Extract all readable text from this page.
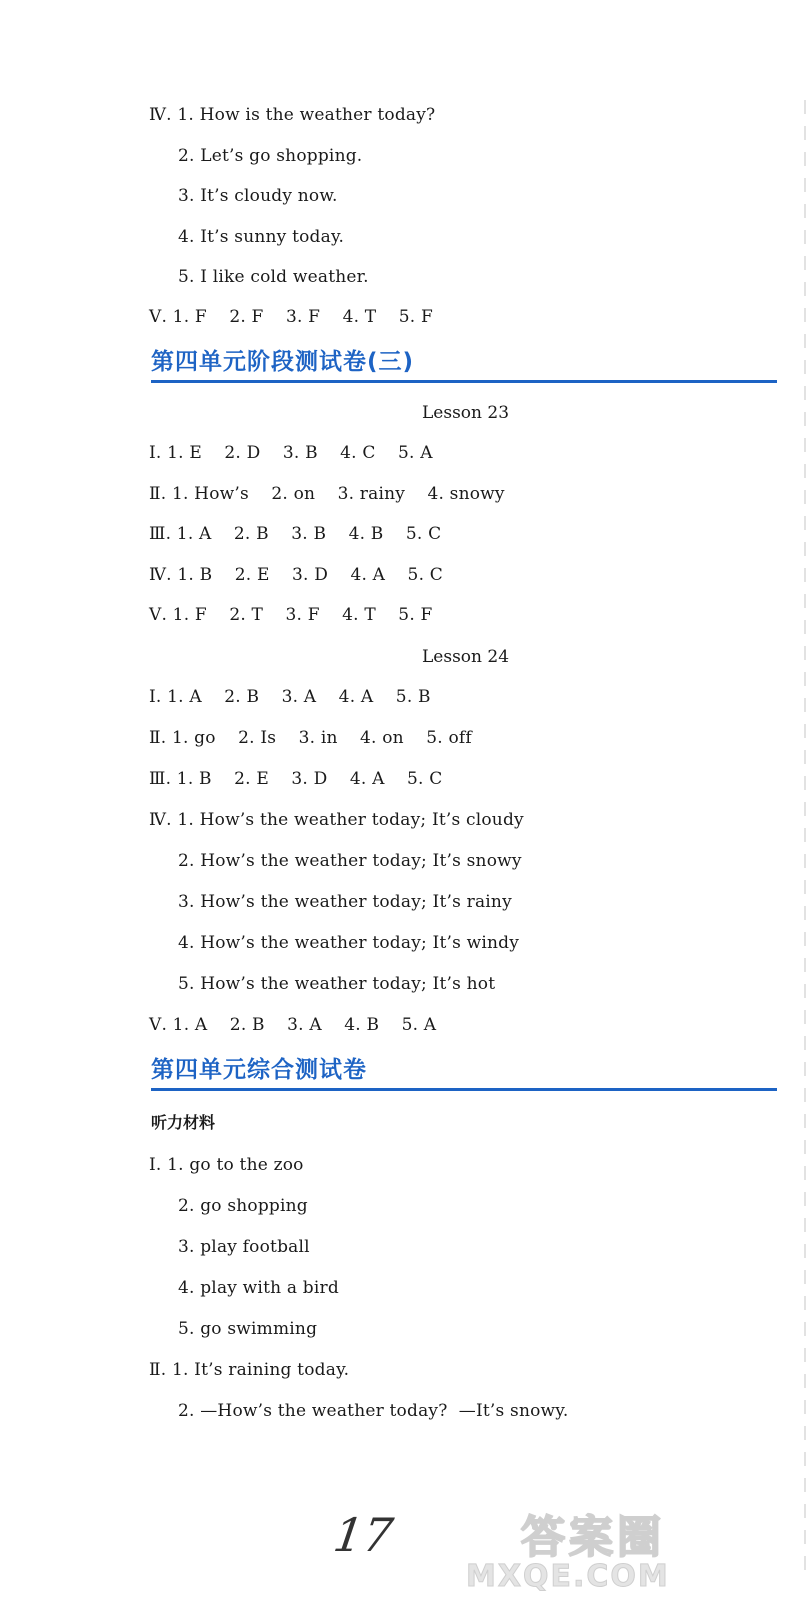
Ⅳ. 1. How is the weather today?
2. Let’s go shopping.
3. It’s cloudy now.
4. It’s sunny today.
5. I like cold weather.
Ⅴ. 1. F    2. F    3. F    4. T    5. F
第四单元阶段测试卷(三)
Lesson 23
Ⅰ. 1. E    2. D    3. B    4. C    5. A
Ⅱ. 1. How’s    2. on    3. rainy    4. snowy
Ⅲ. 1. A    2. B    3. B    4. B    5. C
Ⅳ. 1. B    2. E    3. D    4. A    5. C
Ⅴ. 1. F    2. T    3. F    4. T    5. F
Lesson 24
Ⅰ. 1. A    2. B    3. A    4. A    5. B
Ⅱ. 1. go    2. Is    3. in    4. on    5. off
Ⅲ. 1. B    2. E    3. D    4. A    5. C
Ⅳ. 1. How’s the weather today; It’s cloudy
2. How’s the weather today; It’s snowy
3. How’s the weather today; It’s rainy
4. How’s the weather today; It’s windy
5. How’s the weather today; It’s hot
Ⅴ. 1. A    2. B    3. A    4. B    5. A
第四单元综合测试卷
听力材料
Ⅰ. 1. go to the zoo
2. go shopping
3. play football
4. play with a bird
5. go swimming
Ⅱ. 1. It’s raining today.
2. —How’s the weather today?  —It’s snowy.
17	答案圈
MXQE.COM
